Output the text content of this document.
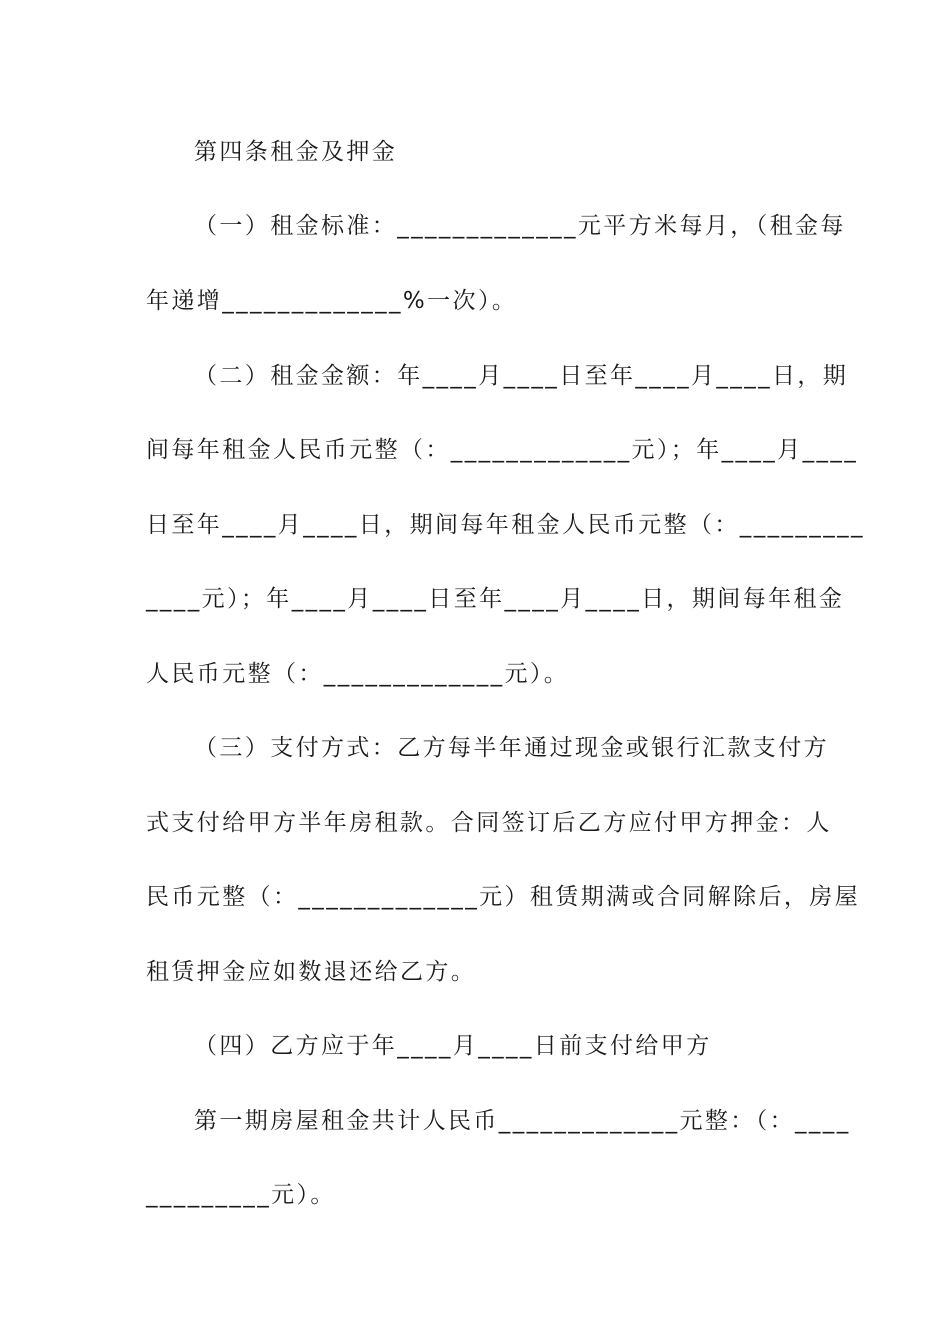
第四条租金及押金
（一）租金标准：_____________元平方米每月，（租金每
年递增_____________%一次）。
（二）租金金额：年____月____日至年____月____日，期
间每年租金人民币元整（：_____________元）；年____月____
日至年____月____日，期间每年租金人民币元整（：_________
____元）；年____月____日至年____月____日，期间每年租金
人民币元整（：_____________元）。
（三）支付方式：乙方每半年通过现金或银行汇款支付方
式支付给甲方半年房租款。合同签订后乙方应付甲方押金：人
民币元整（：_____________元）租赁期满或合同解除后，房屋
租赁押金应如数退还给乙方。
（四）乙方应于年____月____日前支付给甲方
第一期房屋租金共计人民币_____________元整：（：____
_________元）。
